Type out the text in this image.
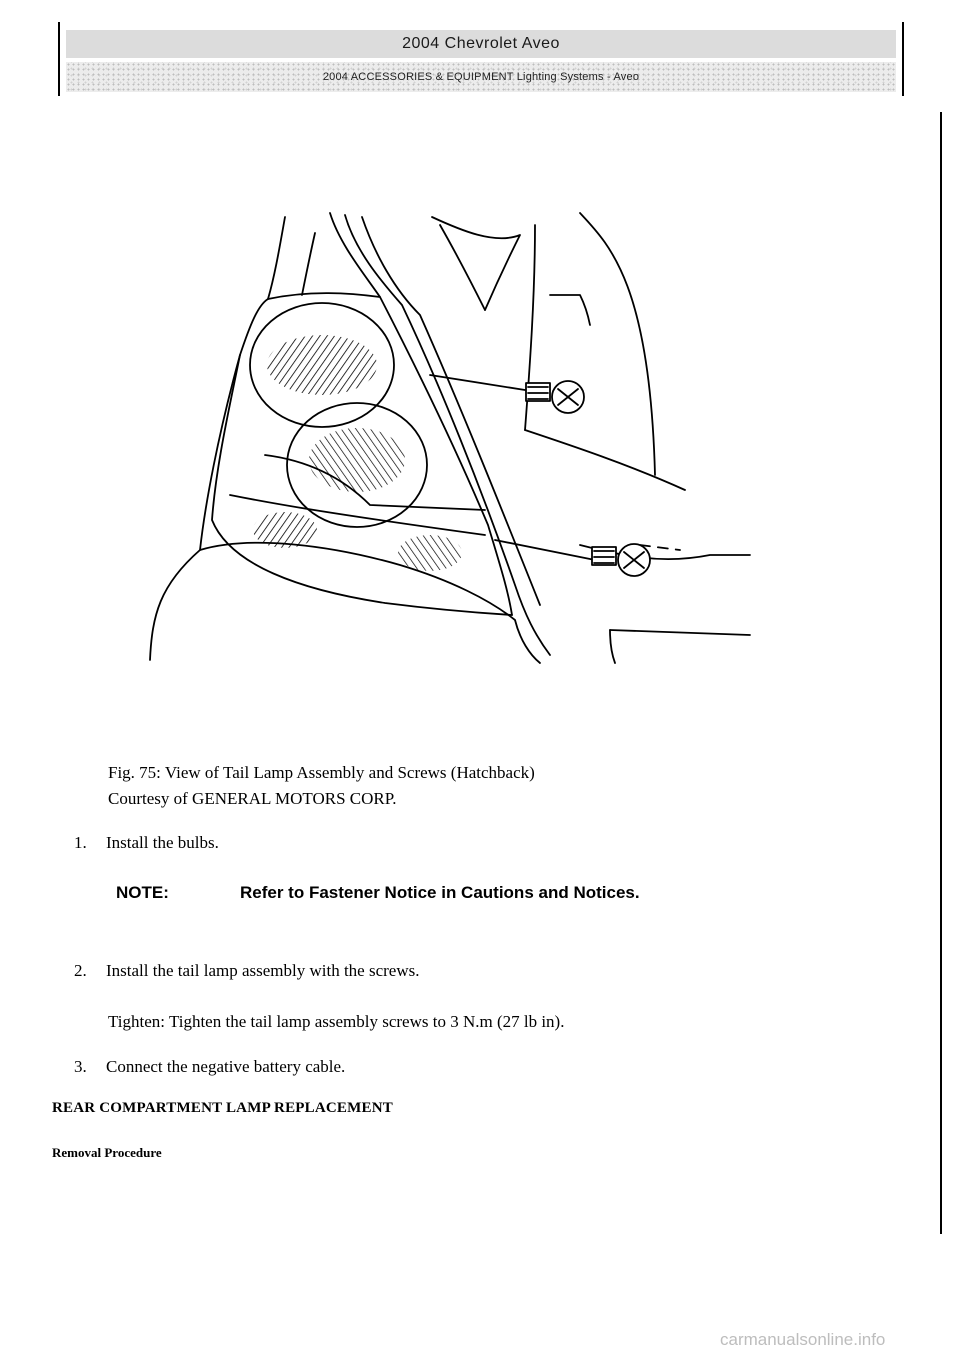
2004 Chevrolet Aveo
2004 ACCESSORIES & EQUIPMENT Lighting Systems - Aveo
Fig. 75: View of Tail Lamp Assembly and Screws (Hatchback)
Courtesy of GENERAL MOTORS CORP.
1.	Install the bulbs.
NOTE:	Refer to Fastener Notice in Cautions and Notices.
2.	Install the tail lamp assembly with the screws.
Tighten: Tighten the tail lamp assembly screws to 3 N.m (27 lb in).
3.	Connect the negative battery cable.
REAR COMPARTMENT LAMP REPLACEMENT
Removal Procedure
carmanualsonline.info
